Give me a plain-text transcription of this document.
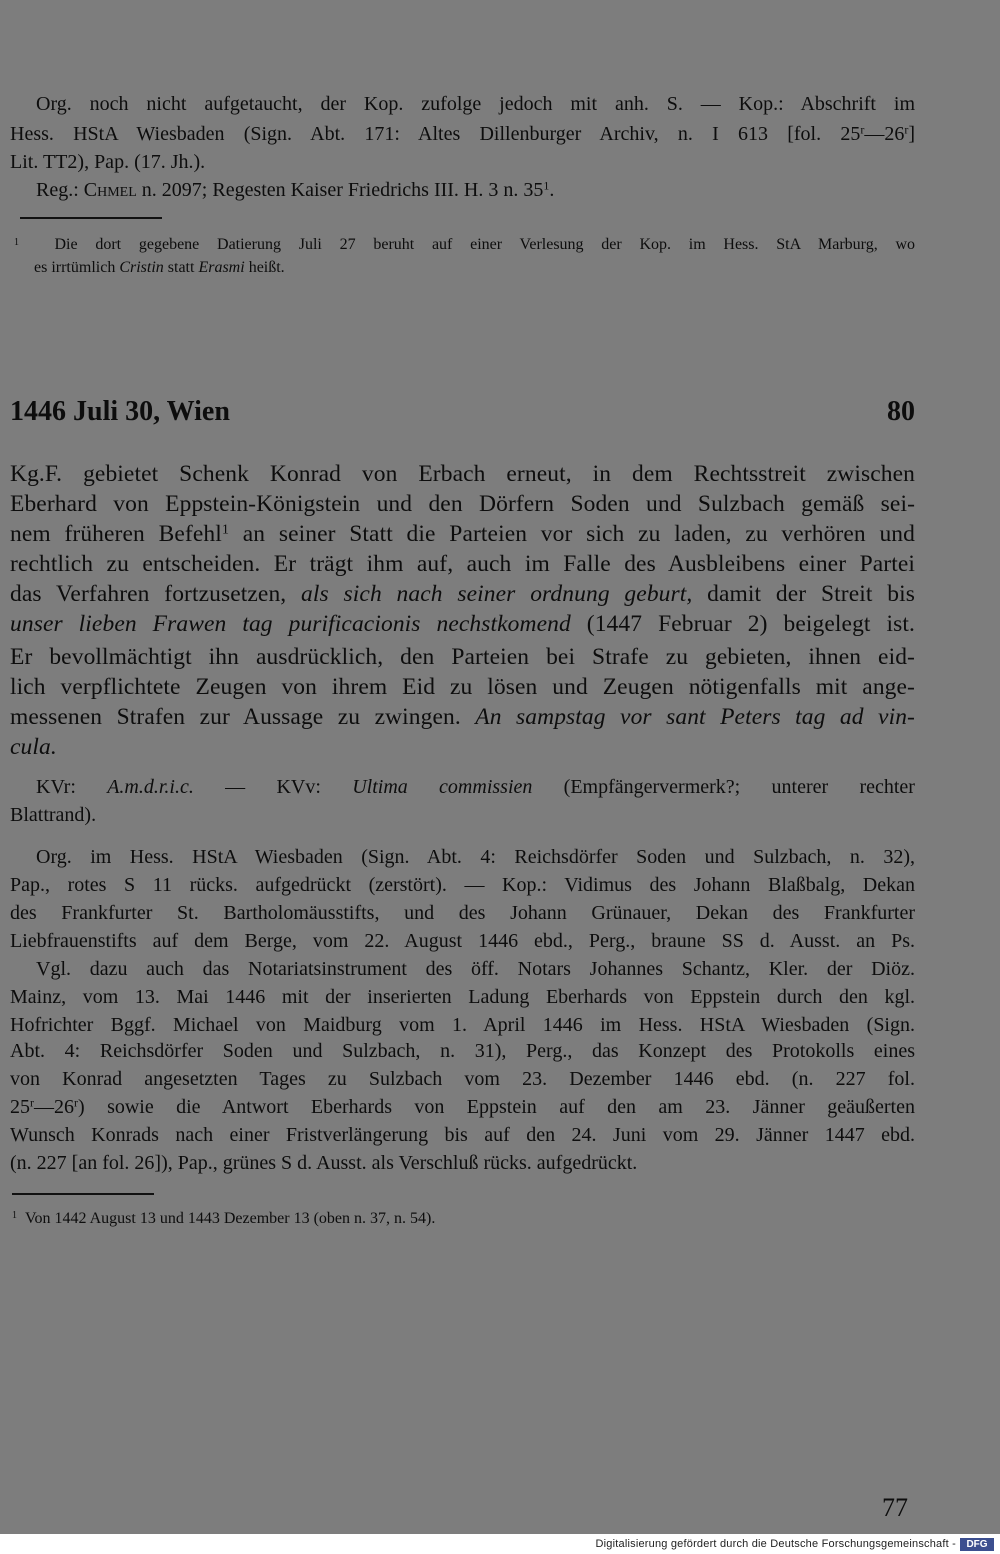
Org. noch nicht aufgetaucht, der Kop. zufolge jedoch mit anh. S. — Kop.: Abschrift im
Hess. HStA Wiesbaden (Sign. Abt. 171: Altes Dillenburger Archiv, n. I 613 [fol. 25$^r$—26$^r$]
Lit. TT2), Pap. (17. Jh.).
Reg.: Chmel n. 2097; Regesten Kaiser Friedrichs III. H. 3 n. $35^1$.
$^1$ Die dort gegebene Datierung Juli 27 beruht auf einer Verlesung der Kop. im Hess. StA Marburg, wo
es irrtümlich Cristin statt Erasmi heißt.
1446 Juli 30, Wien	80
Kg.F. gebietet Schenk Konrad von Erbach erneut, in dem Rechtsstreit zwischen
Eberhard von Eppstein-Königstein und den Dörfern Soden und Sulzbach gemäß sei-
nem früheren Befehl$^1$ an seiner Statt die Parteien vor sich zu laden, zu verhören und
rechtlich zu entscheiden. Er trägt ihm auf, auch im Falle des Ausbleibens einer Partei
das Verfahren fortzusetzen, als sich nach seiner ordnung geburt, damit der Streit bis
unser lieben Frawen tag purificacionis nechstkomend (1447 Februar 2) beigelegt ist.
Er bevollmächtigt ihn ausdrücklich, den Parteien bei Strafe zu gebieten, ihnen eid-
lich verpflichtete Zeugen von ihrem Eid zu lösen und Zeugen nötigenfalls mit ange-
messenen Strafen zur Aussage zu zwingen. An sampstag vor sant Peters tag ad vin-
cula.
KVr: A.m.d.r.i.c. — KVv: Ultima commissien (Empfängervermerk?; unterer rechter
Blattrand).
Org. im Hess. HStA Wiesbaden (Sign. Abt. 4: Reichsdörfer Soden und Sulzbach, n. 32),
Pap., rotes S 11 rücks. aufgedrückt (zerstört). — Kop.: Vidimus des Johann Blaßbalg, Dekan
des Frankfurter St. Bartholomäusstifts, und des Johann Grünauer, Dekan des Frankfurter
Liebfrauenstifts auf dem Berge, vom 22. August 1446 ebd., Perg., braune SS d. Ausst. an Ps.
Vgl. dazu auch das Notariatsinstrument des öff. Notars Johannes Schantz, Kler. der Diöz.
Mainz, vom 13. Mai 1446 mit der inserierten Ladung Eberhards von Eppstein durch den kgl.
Hofrichter Bggf. Michael von Maidburg vom 1. April 1446 im Hess. HStA Wiesbaden (Sign.
Abt. 4: Reichsdörfer Soden und Sulzbach, n. 31), Perg., das Konzept des Protokolls eines
von Konrad angesetzten Tages zu Sulzbach vom 23. Dezember 1446 ebd. (n. 227 fol.
25$^r$—26$^r$) sowie die Antwort Eberhards von Eppstein auf den am 23. Jänner geäußerten
Wunsch Konrads nach einer Fristverlängerung bis auf den 24. Juni vom 29. Jänner 1447 ebd.
(n. 227 [an fol. 26]), Pap., grünes S d. Ausst. als Verschluß rücks. aufgedrückt.
$^1$ Von 1442 August 13 und 1443 Dezember 13 (oben n. 37, n. 54).
77
Digitalisierung gefördert durch die Deutsche Forschungsgemeinschaft -	DFG
